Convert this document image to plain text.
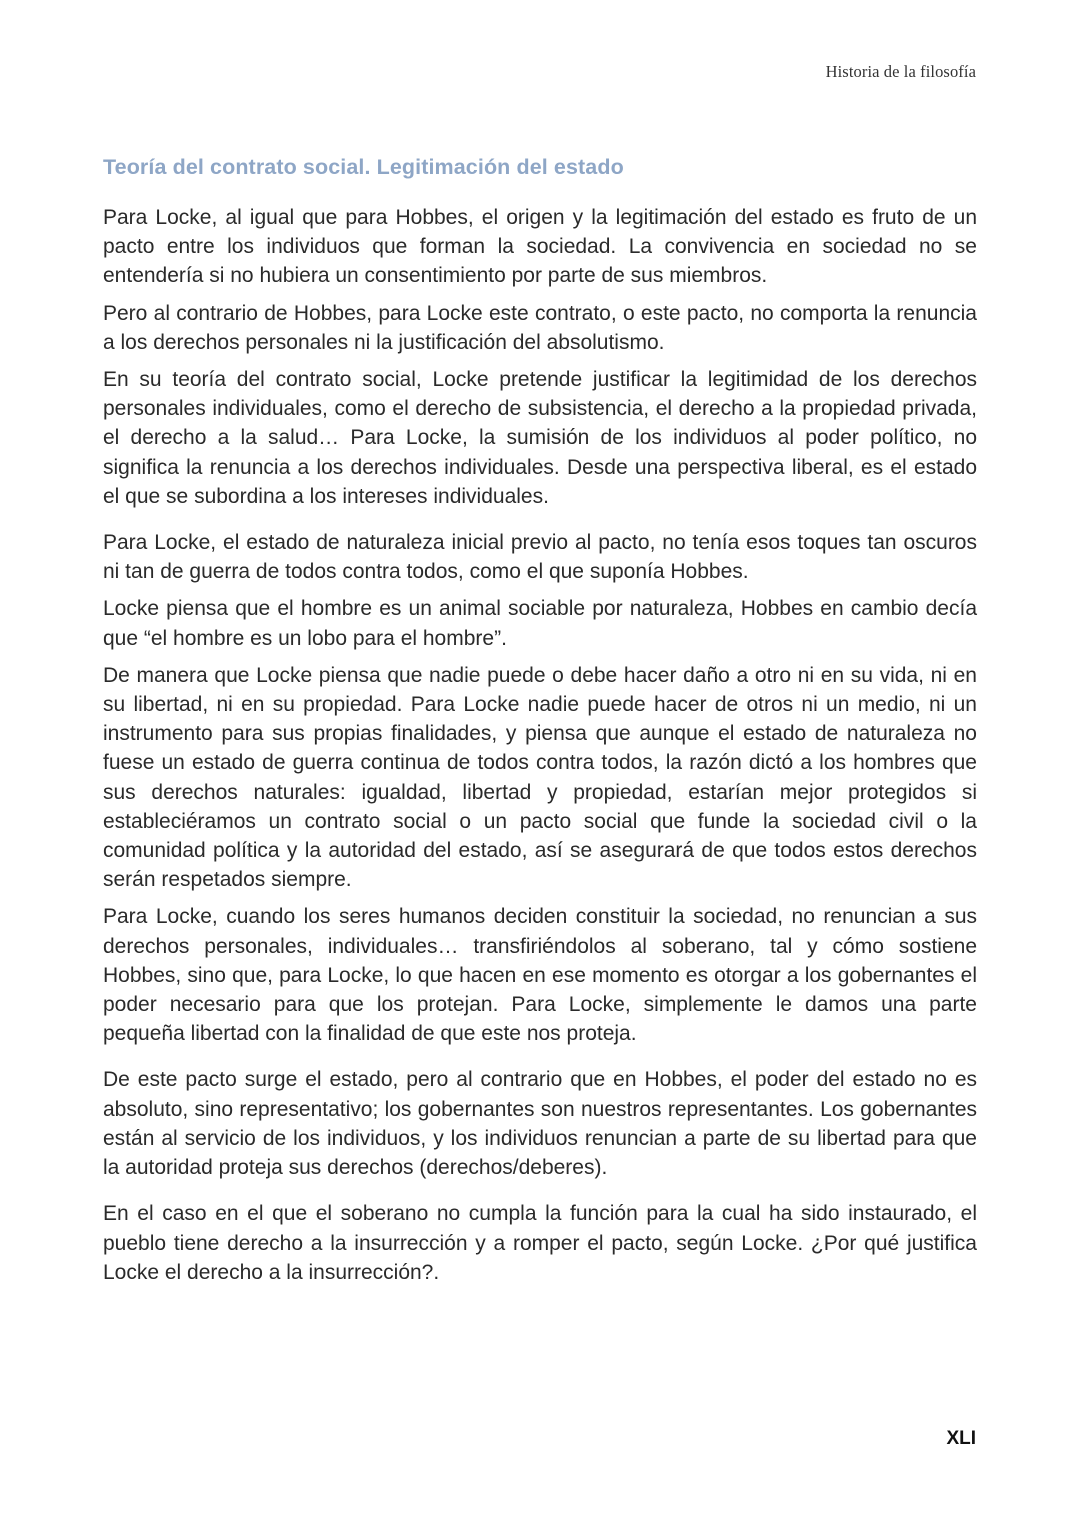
Historia de la filosofía
Teoría del contrato social. Legitimación del estado

Para Locke, al igual que para Hobbes, el origen y la legitimación del estado es fruto de un pacto entre los individuos que forman la sociedad. La convivencia en sociedad no se entendería si no hubiera un consentimiento por parte de sus miembros.

Pero al contrario de Hobbes, para Locke este contrato, o este pacto, no comporta la renuncia a los derechos personales ni la justificación del absolutismo.

En su teoría del contrato social, Locke pretende justificar la legitimidad de los derechos personales individuales, como el derecho de subsistencia, el derecho a la propiedad privada, el derecho a la salud… Para Locke, la sumisión de los individuos al poder político, no significa la renuncia a los derechos individuales. Desde una perspectiva liberal, es el estado el que se subordina a los intereses individuales.

Para Locke, el estado de naturaleza inicial previo al pacto, no tenía esos toques tan oscuros ni tan de guerra de todos contra todos, como el que suponía Hobbes.

Locke piensa que el hombre es un animal sociable por naturaleza, Hobbes en cambio decía que “el hombre es un lobo para el hombre”.

De manera que Locke piensa que nadie puede o debe hacer daño a otro ni en su vida, ni en su libertad, ni en su propiedad. Para Locke nadie puede hacer de otros ni un medio, ni un instrumento para sus propias finalidades, y piensa que aunque el estado de naturaleza no fuese un estado de guerra continua de todos contra todos, la razón dictó a los hombres que sus derechos naturales: igualdad, libertad y propiedad, estarían mejor protegidos si estableciéramos un contrato social o un pacto social que funde la sociedad civil o la comunidad política y la autoridad del estado, así se asegurará de que todos estos derechos serán respetados siempre.

Para Locke, cuando los seres humanos deciden constituir la sociedad, no renuncian a sus derechos personales, individuales… transfiriéndolos al soberano, tal y cómo sostiene Hobbes, sino que, para Locke, lo que hacen en ese momento es otorgar a los gobernantes el poder necesario para que los protejan. Para Locke, simplemente le damos una parte pequeña libertad con la finalidad de que este nos proteja.

De este pacto surge el estado, pero al contrario que en Hobbes, el poder del estado no es absoluto, sino representativo; los gobernantes son nuestros representantes. Los gobernantes están al servicio de los individuos, y los individuos renuncian a parte de su libertad para que la autoridad proteja sus derechos (derechos/deberes).

En el caso en el que el soberano no cumpla la función para la cual ha sido instaurado, el pueblo tiene derecho a la insurrección y a romper el pacto, según Locke. ¿Por qué justifica Locke el derecho a la insurrección?.

XLI
